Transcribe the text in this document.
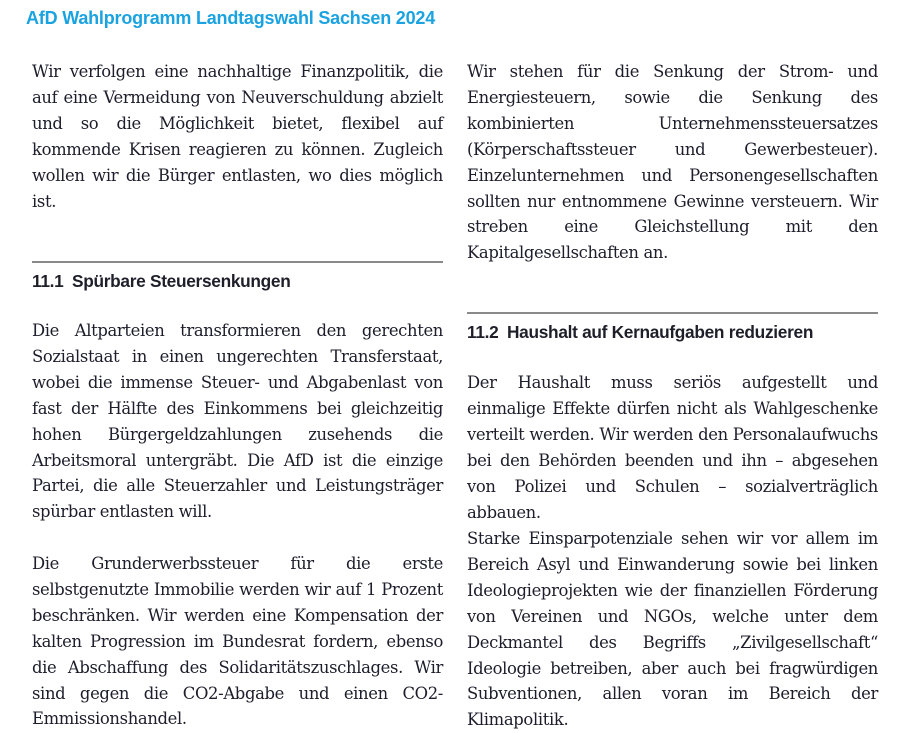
AfD Wahlprogramm Landtagswahl Sachsen 2024

Wir verfolgen eine nachhaltige Finanzpolitik, die auf eine Vermeidung von Neuverschuldung abzielt und so die Möglichkeit bietet, flexibel auf kommende Krisen reagieren zu können. Zugleich wollen wir die Bürger entlasten, wo dies möglich ist.

11.1 Spürbare Steuersenkungen

Die Altparteien transformieren den gerechten Sozialstaat in einen ungerechten Transferstaat, wobei die immense Steuer- und Abgabenlast von fast der Hälfte des Einkommens bei gleichzeitig hohen Bürgergeldzahlungen zusehends die Arbeitsmoral untergräbt. Die AfD ist die einzige Partei, die alle Steuerzahler und Leistungsträger spürbar entlasten will.

Die Grunderwerbssteuer für die erste selbstgenutzte Immobilie werden wir auf 1 Prozent beschränken. Wir werden eine Kompensation der kalten Progression im Bundesrat fordern, ebenso die Abschaffung des Solidaritätszuschlages. Wir sind gegen die CO2-Abgabe und einen CO2-Emmissionshandel.

Wir stehen für die Senkung der Strom- und Energiesteuern, sowie die Senkung des kombinierten Unternehmenssteuersatzes (Körperschaftssteuer und Gewerbesteuer). Einzelunternehmen und Personengesellschaften sollten nur entnommene Gewinne versteuern. Wir streben eine Gleichstellung mit den Kapitalgesellschaften an.

11.2 Haushalt auf Kernaufgaben reduzieren

Der Haushalt muss seriös aufgestellt und einmalige Effekte dürfen nicht als Wahlgeschenke verteilt werden. Wir werden den Personalaufwuchs bei den Behörden beenden und ihn – abgesehen von Polizei und Schulen – sozialverträglich abbauen.

Starke Einsparpotenziale sehen wir vor allem im Bereich Asyl und Einwanderung sowie bei linken Ideologieprojekten wie der finanziellen Förderung von Vereinen und NGOs, welche unter dem Deckmantel des Begriffs „Zivilgesellschaft“ Ideologie betreiben, aber auch bei fragwürdigen Subventionen, allen voran im Bereich der Klimapolitik.
